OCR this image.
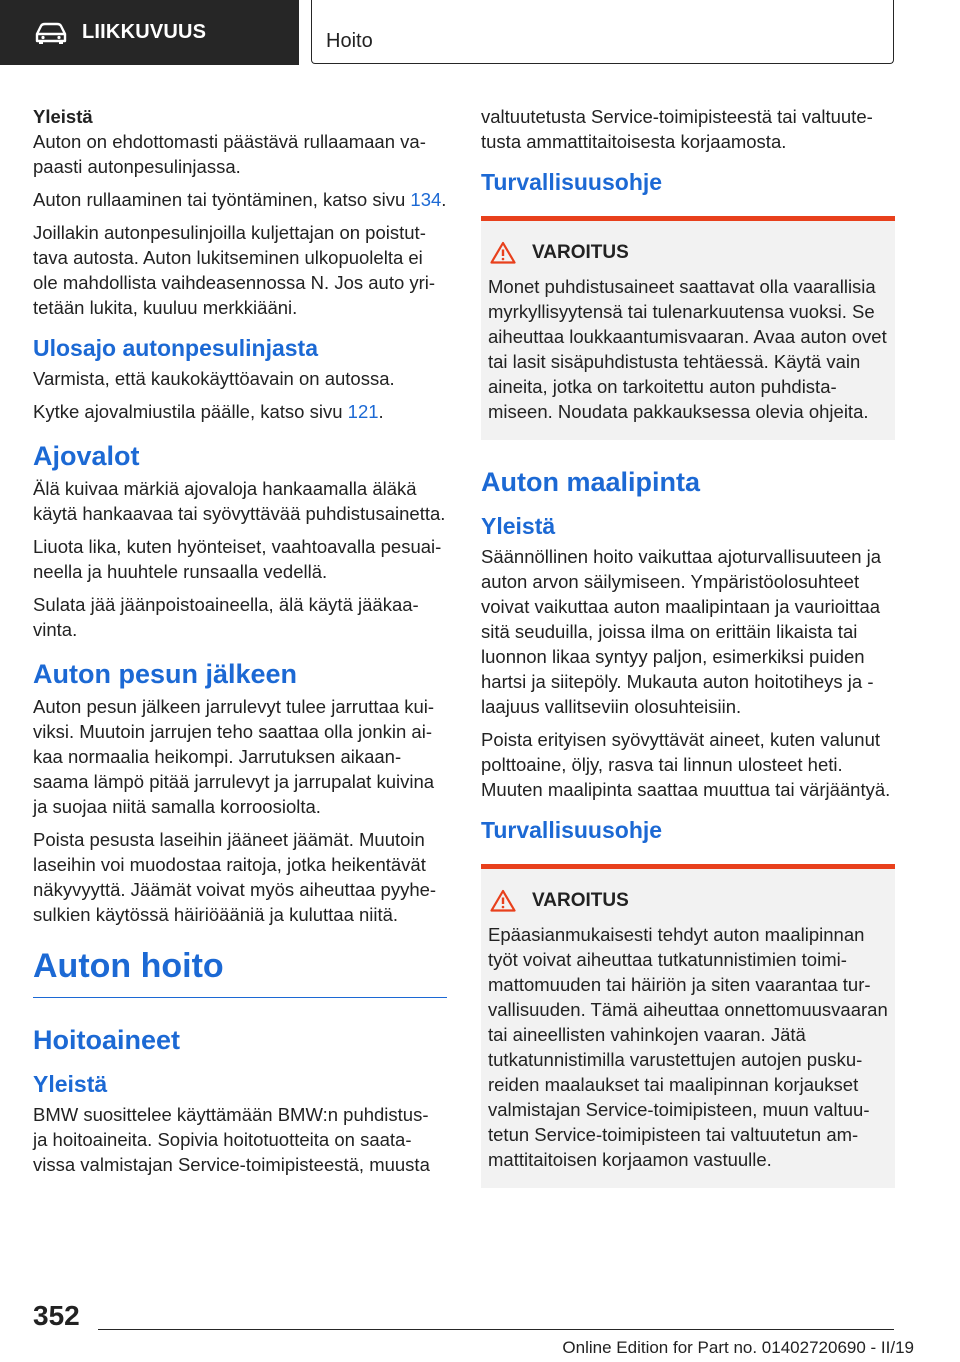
LIIKKUVUUS	Hoito
Yleistä

Auton on ehdottomasti päästävä rullaamaan vapaasti autonpesulinjassa.

Auton rullaaminen tai työntäminen, katso sivu 134.

Joillakin autonpesulinjoilla kuljettajan on poistuttava autosta. Auton lukitseminen ulkopuolelta ei ole mahdollista vaihdeasennossa N. Jos auto yritetään lukita, kuuluu merkkiääni.

Ulosajo autonpesulinjasta

Varmista, että kaukokäyttöavain on autossa.

Kytke ajovalmiustila päälle, katso sivu 121.

Ajovalot

Älä kuivaa märkiä ajovaloja hankaamalla äläkä käytä hankaavaa tai syövyttävää puhdistusainetta.

Liuota lika, kuten hyönteiset, vaahtoavalla pesuaineella ja huuhtele runsaalla vedellä.

Sulata jää jäänpoistoaineella, älä käytä jääkaavinta.

Auton pesun jälkeen

Auton pesun jälkeen jarrulevyt tulee jarruttaa kuiviksi. Muutoin jarrujen teho saattaa olla jonkin aikaa normaalia heikompi. Jarrutuksen aikaansaama lämpö pitää jarrulevyt ja jarrupalat kuivina ja suojaa niitä samalla korroosiolta.

Poista pesusta laseihin jääneet jäämät. Muutoin laseihin voi muodostaa raitoja, jotka heikentävät näkyvyyttä. Jäämät voivat myös aiheuttaa pyyhesulkien käytössä häiriöääniä ja kuluttaa niitä.

Auton hoito
Hoitoaineet
Yleistä

BMW suosittelee käyttämään BMW:n puhdistus- ja hoitoaineita. Sopivia hoitotuotteita on saatavissa valmistajan Service-toimipisteestä, muusta

valtuutetusta Service-toimipisteestä tai valtuutetusta ammattitaitoisesta korjaamosta.

Turvallisuusohje
VAROITUS

Monet puhdistusaineet saattavat olla vaarallisia myrkyllisyytensä tai tulenarkuutensa vuoksi. Se aiheuttaa loukkaantumisvaaran. Avaa auton ovet tai lasit sisäpuhdistusta tehtäessä. Käytä vain aineita, jotka on tarkoitettu auton puhdistamiseen. Noudata pakkauksessa olevia ohjeita.

Auton maalipinta
Yleistä

Säännöllinen hoito vaikuttaa ajoturvallisuuteen ja auton arvon säilymiseen. Ympäristöolosuhteet voivat vaikuttaa auton maalipintaan ja vaurioittaa sitä seuduilla, joissa ilma on erittäin likaista tai luonnon likaa syntyy paljon, esimerkiksi puiden hartsi ja siitepöly. Mukauta auton hoitotiheys ja laajuus vallitseviin olosuhteisiin.

Poista erityisen syövyttävät aineet, kuten valunut polttoaine, öljy, rasva tai linnun ulosteet heti. Muuten maalipinta saattaa muuttua tai värjääntyä.

Turvallisuusohje
VAROITUS

Epäasianmukaisesti tehdyt auton maalipinnan työt voivat aiheuttaa tutkatunnistimien toimimattomuuden tai häiriön ja siten vaarantaa turvallisuuden. Tämä aiheuttaa onnettomuusvaaran tai aineellisten vahinkojen vaaran. Jätä tutkatunnistimilla varustettujen autojen puskureiden maalaukset tai maalipinnan korjaukset valmistajan Service-toimipisteen, muun valtuutetun Service-toimipisteen tai valtuutetun ammattitaitoisen korjaamon vastuulle.

352
Online Edition for Part no. 01402720690 - II/19
